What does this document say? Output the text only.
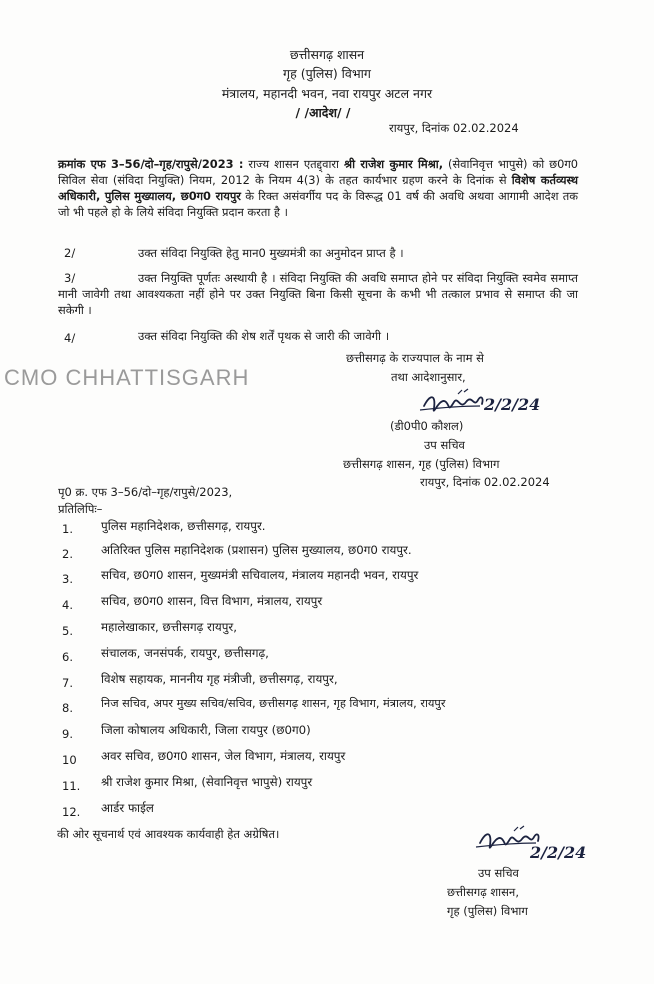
छत्तीसगढ़ शासन
गृह (पुलिस) विभाग
मंत्रालय, महानदी भवन, नवा रायपुर अटल नगर
/ /आदेश/ /
रायपुर, दिनांक 02.02.2024
क्रमांक एफ 3–56/दो–गृह/रापुसे/2023 : राज्य शासन एतद्द्वारा श्री राजेश कुमार मिश्रा, (सेवानिवृत्त भापुसे) को छ0ग0 सिविल सेवा (संविदा नियुक्ति) नियम, 2012 के नियम 4(3) के तहत कार्यभार ग्रहण करने के दिनांक से विशेष कर्तव्यस्थ अधिकारी, पुलिस मुख्यालय, छ0ग0 रायपुर के रिक्त असंवर्गीय पद के विरूद्ध 01 वर्ष की अवधि अथवा आगामी आदेश तक जो भी पहले हो के लिये संविदा नियुक्ति प्रदान करता है ।
2/	उक्त संविदा नियुक्ति हेतु मान0 मुख्यमंत्री का अनुमोदन प्राप्त है ।
3/	उक्त नियुक्ति पूर्णतः अस्थायी है । संविदा नियुक्ति की अवधि समाप्त होने पर संविदा नियुक्ति स्वमेव समाप्त मानी जावेगी तथा आवश्यकता नहीं होने पर उक्त नियुक्ति बिना किसी सूचना के कभी भी तत्काल प्रभाव से समाप्त की जा सकेगी ।
4/	उक्त संविदा नियुक्ति की शेष शर्तें पृथक से जारी की जावेगी ।
छत्तीसगढ़ के राज्यपाल के नाम से
तथा आदेशानुसार,
CMO CHHATTISGARH
2/2/24
(डी0पी0 कौशल)
उप सचिव
छत्तीसगढ़ शासन, गृह (पुलिस) विभाग
रायपुर, दिनांक 02.02.2024
पृ0 क्र. एफ 3–56/दो–गृह/रापुसे/2023,
प्रतिलिपिः–
1. पुलिस महानिदेशक, छत्तीसगढ़, रायपुर.
2. अतिरिक्त पुलिस महानिदेशक (प्रशासन) पुलिस मुख्यालय, छ0ग0 रायपुर.
3. सचिव, छ0ग0 शासन, मुख्यमंत्री सचिवालय, मंत्रालय महानदी भवन, रायपुर
4. सचिव, छ0ग0 शासन, वित्त विभाग, मंत्रालय, रायपुर
5. महालेखाकार, छत्तीसगढ़ रायपुर,
6. संचालक, जनसंपर्क, रायपुर, छत्तीसगढ़,
7. विशेष सहायक, माननीय गृह मंत्रीजी, छत्तीसगढ़, रायपुर,
8. निज सचिव, अपर मुख्य सचिव/सचिव, छत्तीसगढ़ शासन, गृह विभाग, मंत्रालय, रायपुर
9. जिला कोषालय अधिकारी, जिला रायपुर (छ0ग0)
10 अवर सचिव, छ0ग0 शासन, जेल विभाग, मंत्रालय, रायपुर
11. श्री राजेश कुमार मिश्रा, (सेवानिवृत्त भापुसे) रायपुर
12. आर्डर फाईल
की ओर सूचनार्थ एवं आवश्यक कार्यवाही हेत अग्रेषित।
2/2/24
उप सचिव
छत्तीसगढ़ शासन,
गृह (पुलिस) विभाग
